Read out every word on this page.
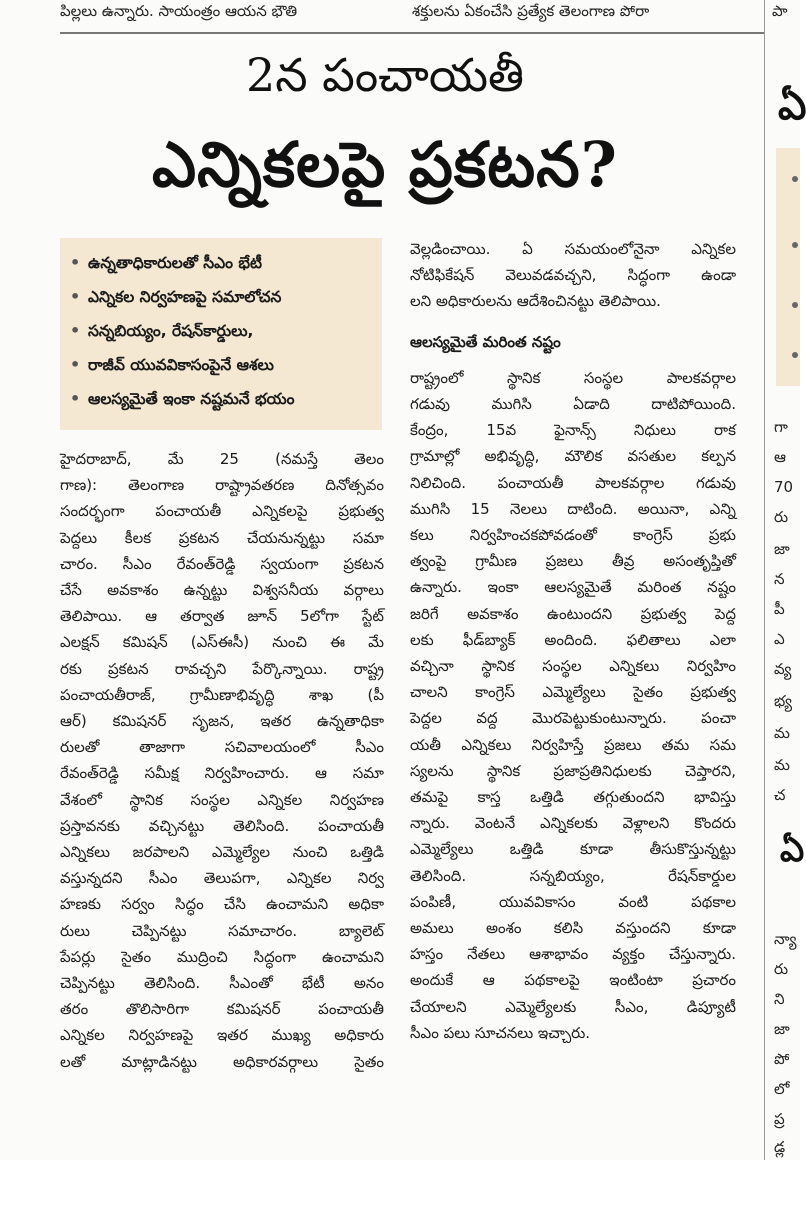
పిల్లలు ఉన్నారు. సాయంత్రం ఆయన భౌతి	శక్తులను ఏకంచేసి ప్రత్యేక తెలంగాణ పోరా	పా
2న పంచాయతీ
ఎన్నికలపై ప్రకటన?
• ఉన్నతాధికారులతో సీఎం భేటీ
• ఎన్నికల నిర్వహణపై సమాలోచన
• సన్నబియ్యం, రేషన్‌కార్డులు,
• రాజీవ్ యువవికాసంపైనే ఆశలు
• ఆలస్యమైతే ఇంకా నష్టమనే భయం
హైదరాబాద్, మే 25 (నమస్తే తెలం
గాణ): తెలంగాణ రాష్ట్రావతరణ దినోత్సవం
సందర్భంగా పంచాయతీ ఎన్నికలపై ప్రభుత్వ
పెద్దలు కీలక ప్రకటన చేయనున్నట్టు సమా
చారం. సీఎం రేవంత్‌రెడ్డి స్వయంగా ప్రకటన
చేసే అవకాశం ఉన్నట్టు విశ్వసనీయ వర్గాలు
తెలిపాయి. ఆ తర్వాత జూన్ 5లోగా స్టేట్
ఎలక్షన్ కమిషన్ (ఎస్ఈసీ) నుంచి ఈ మే
రకు ప్రకటన రావచ్చని పేర్కొన్నాయి. రాష్ట్ర
పంచాయతీరాజ్, గ్రామీణాభివృద్ధి శాఖ (పీ
ఆర్) కమిషనర్ సృజన, ఇతర ఉన్నతాధికా
రులతో తాజాగా సచివాలయంలో సీఎం
రేవంత్‌రెడ్డి సమీక్ష నిర్వహించారు. ఆ సమా
వేశంలో స్థానిక సంస్థల ఎన్నికల నిర్వహణ
ప్రస్తావనకు వచ్చినట్టు తెలిసింది. పంచాయతీ
ఎన్నికలు జరపాలని ఎమ్మెల్యేల నుంచి ఒత్తిడి
వస్తున్నదని సీఎం తెలుపగా, ఎన్నికల నిర్వ
హణకు సర్వం సిద్ధం చేసి ఉంచామని అధికా
రులు చెప్పినట్టు సమాచారం. బ్యాలెట్
పేపర్లు సైతం ముద్రించి సిద్ధంగా ఉంచామని
చెప్పినట్టు తెలిసింది. సీఎంతో భేటీ అనం
తరం తొలిసారిగా కమిషనర్ పంచాయతీ
ఎన్నికల నిర్వహణపై ఇతర ముఖ్య అధికారు
లతో మాట్లాడినట్టు అధికారవర్గాలు సైతం
వెల్లడించాయి. ఏ సమయంలోనైనా ఎన్నికల
నోటిఫికేషన్ వెలువడవచ్చని, సిద్ధంగా ఉండా
లని అధికారులను ఆదేశించినట్టు తెలిపాయి.
ఆలస్యమైతే మరింత నష్టం
రాష్ట్రంలో స్థానిక సంస్థల పాలకవర్గాల
గడువు ముగిసి ఏడాది దాటిపోయింది.
కేంద్రం, 15వ ఫైనాన్స్ నిధులు రాక
గ్రామాల్లో అభివృద్ధి, మౌలిక వసతుల కల్పన
నిలిచింది. పంచాయతీ పాలకవర్గాల గడువు
ముగిసి 15 నెలలు దాటింది. అయినా, ఎన్ని
కలు నిర్వహించకపోవడంతో కాంగ్రెస్ ప్రభు
త్వంపై గ్రామీణ ప్రజలు తీవ్ర అసంతృప్తితో
ఉన్నారు. ఇంకా ఆలస్యమైతే మరింత నష్టం
జరిగే అవకాశం ఉంటుందని ప్రభుత్వ పెద్ద
లకు ఫీడ్‌బ్యాక్ అందింది. ఫలితాలు ఎలా
వచ్చినా స్థానిక సంస్థల ఎన్నికలు నిర్వహిం
చాలని కాంగ్రెస్ ఎమ్మెల్యేలు సైతం ప్రభుత్వ
పెద్దల వద్ద మొరపెట్టుకుంటున్నారు. పంచా
యతీ ఎన్నికలు నిర్వహిస్తే ప్రజలు తమ సమ
స్యలను స్థానిక ప్రజాప్రతినిధులకు చెప్తారని,
తమపై కాస్త ఒత్తిడి తగ్గుతుందని భావిస్తు
న్నారు. వెంటనే ఎన్నికలకు వెళ్లాలని కొందరు
ఎమ్మెల్యేలు ఒత్తిడి కూడా తీసుకొస్తున్నట్టు
తెలిసింది. సన్నబియ్యం, రేషన్‌కార్డుల
పంపిణీ, యువవికాసం వంటి పథకాల
అమలు అంశం కలిసి వస్తుందని కూడా
హస్తం నేతలు ఆశాభావం వ్యక్తం చేస్తున్నారు.
అందుకే ఆ పథకాలపై ఇంటింటా ప్రచారం
చేయాలని ఎమ్మెల్యేలకు సీఎం, డిప్యూటీ
సీఎం పలు సూచనలు ఇచ్చారు.
గా
ఆ
70
రు
జా
న
పీ
ఎ
వ్య
భ్య
మ
మ
చ
న్యా
రు
ని
జా
పో
లో
ప్ర
డ్ల
ఏ
ఏ
